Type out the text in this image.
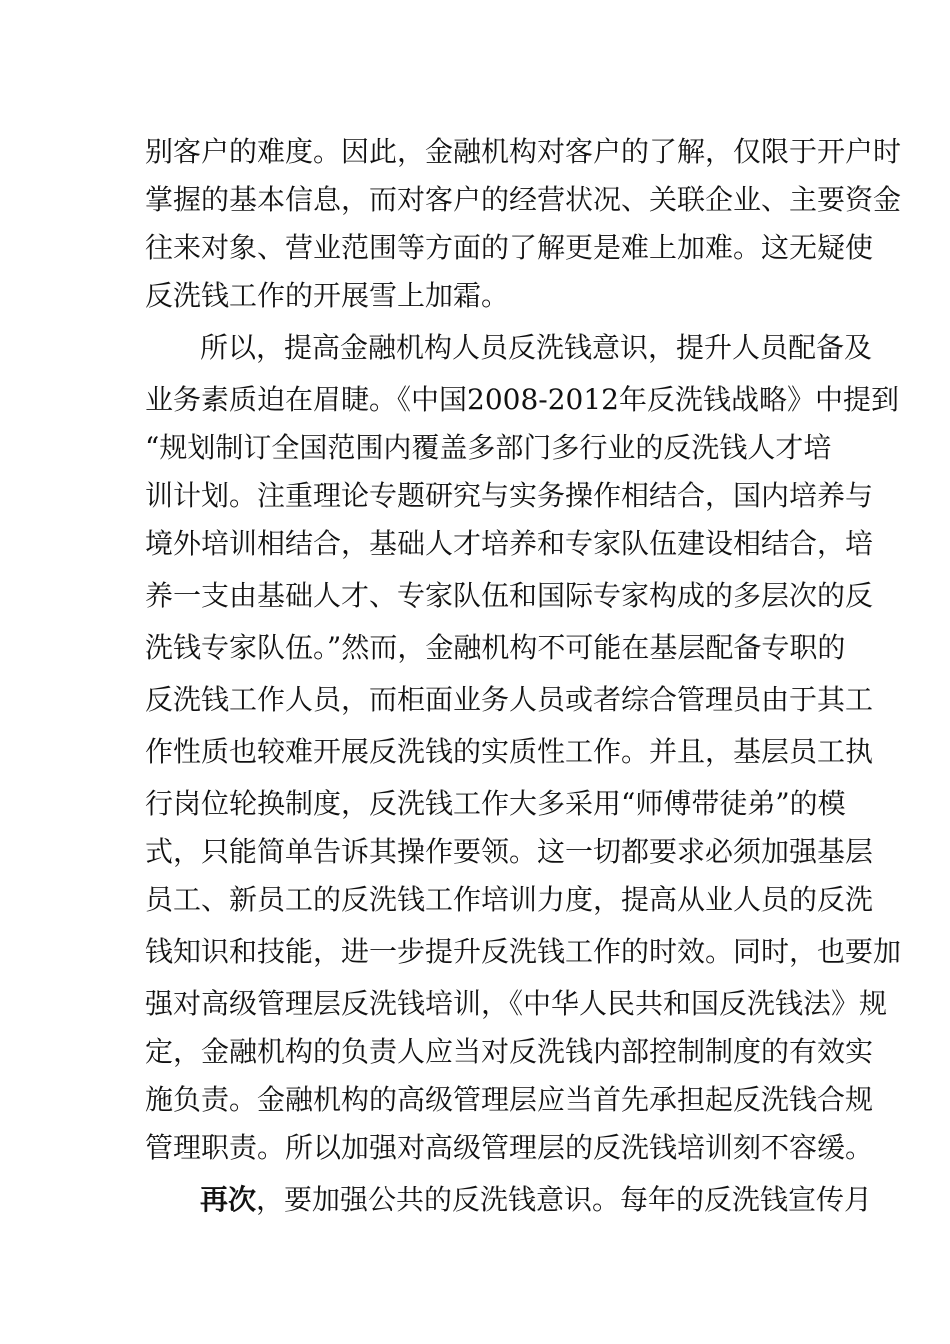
别客户的难度。因此，金融机构对客户的了解，仅限于开户时
掌握的基本信息，而对客户的经营状况、关联企业、主要资金
往来对象、营业范围等方面的了解更是难上加难。这无疑使
反洗钱工作的开展雪上加霜。
所以，提高金融机构人员反洗钱意识，提升人员配备及
业务素质迫在眉睫。《中国2008-2012年反洗钱战略》中提到
“规划制订全国范围内覆盖多部门多行业的反洗钱人才培
训计划。注重理论专题研究与实务操作相结合，国内培养与
境外培训相结合，基础人才培养和专家队伍建设相结合，培
养一支由基础人才、专家队伍和国际专家构成的多层次的反
洗钱专家队伍。”然而，金融机构不可能在基层配备专职的
反洗钱工作人员，而柜面业务人员或者综合管理员由于其工
作性质也较难开展反洗钱的实质性工作。并且，基层员工执
行岗位轮换制度，反洗钱工作大多采用“师傅带徒弟”的模
式，只能简单告诉其操作要领。这一切都要求必须加强基层
员工、新员工的反洗钱工作培训力度，提高从业人员的反洗
钱知识和技能，进一步提升反洗钱工作的时效。同时，也要加
强对高级管理层反洗钱培训，《中华人民共和国反洗钱法》规
定，金融机构的负责人应当对反洗钱内部控制制度的有效实
施负责。金融机构的高级管理层应当首先承担起反洗钱合规
管理职责。所以加强对高级管理层的反洗钱培训刻不容缓。
再次，要加强公共的反洗钱意识。每年的反洗钱宣传月
